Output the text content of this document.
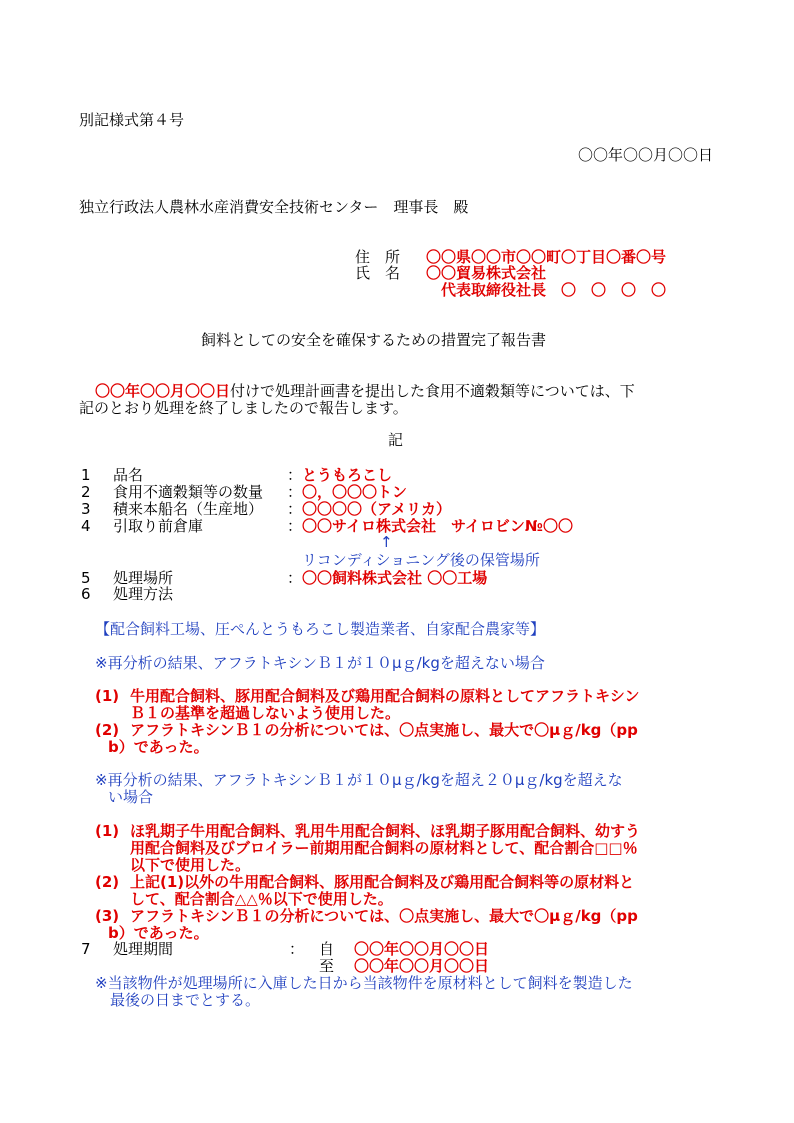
別記様式第４号
〇〇年〇〇月〇〇日
独立行政法人農林水産消費安全技術センター　理事長　殿
住　所 〇〇県〇〇市〇〇町〇丁目〇番〇号
氏　名 〇〇貿易株式会社
代表取締役社長　〇　〇　〇　〇
飼料としての安全を確保するための措置完了報告書
〇〇年〇〇月〇〇日付けで処理計画書を提出した食用不適穀類等については、下
記のとおり処理を終了しましたので報告します。
記
1 品名	： とうもろこし
2 食用不適穀類等の数量 ： 〇，〇〇〇トン
3 積来本船名（生産地） ： 〇〇〇〇（アメリカ）
4 引取り前倉庫	： 〇〇サイロ株式会社　サイロビン№〇〇
↑
リコンディショニング後の保管場所
5 処理場所	： 〇〇飼料株式会社 〇〇工場
6 処理方法
【配合飼料工場、圧ぺんとうもろこし製造業者、自家配合農家等】
※再分析の結果、アフラトキシンＢ１が１０μｇ/kgを超えない場合
(1) 牛用配合飼料、豚用配合飼料及び鶏用配合飼料の原料としてアフラトキシン
Ｂ１の基準を超過しないよう使用した。
(2) アフラトキシンＢ１の分析については、〇点実施し、最大で〇μｇ/kg（pp
b）であった。
※再分析の結果、アフラトキシンＢ１が１０μｇ/kgを超え２０μｇ/kgを超えな
い場合
(1) ほ乳期子牛用配合飼料、乳用牛用配合飼料、ほ乳期子豚用配合飼料、幼すう
用配合飼料及びブロイラー前期用配合飼料の原材料として、配合割合□□％
以下で使用した。
(2) 上記(1)以外の牛用配合飼料、豚用配合飼料及び鶏用配合飼料等の原材料と
して、配合割合△△％以下で使用した。
(3) アフラトキシンＢ１の分析については、〇点実施し、最大で〇μｇ/kg（pp
b）であった。
7 処理期間	： 自 〇〇年〇〇月〇〇日
至 〇〇年〇〇月〇〇日
※当該物件が処理場所に入庫した日から当該物件を原材料として飼料を製造した
最後の日までとする。
